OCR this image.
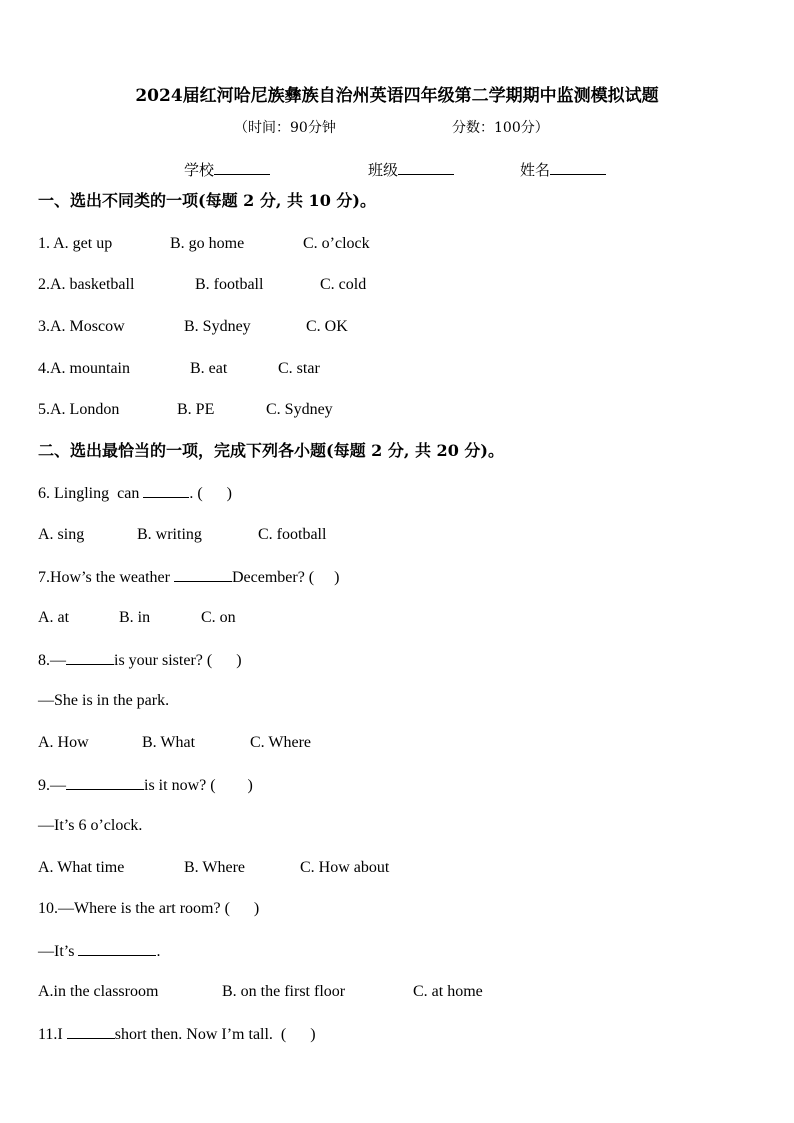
2024届红河哈尼族彝族自治州英语四年级第二学期期中监测模拟试题
（时间：90分钟	分数：100分）
学校	班级	姓名
一、选出不同类的一项(每题 2 分, 共 10 分)。
1. A. get up	B. go home	C. o’clock
2.A. basketball	B. football	C. cold
3.A. Moscow	B. Sydney	C. OK
4.A. mountain	B. eat	C. star
5.A. London	B. PE	C. Sydney
二、选出最恰当的一项，完成下列各小题(每题 2 分, 共 20 分)。
6. Lingling  can	. (      )
A. sing	B. writing	C. football
7.How’s the weather	December? (     )
A. at	B. in	C. on
8.—	is your sister? (      )
—She is in the park.
A. How	B. What	C. Where
9.—	is it now? (        )
—It’s 6 o’clock.
A. What time	B. Where	C. How about
10.—Where is the art room? (      )
—It’s	.
A.in the classroom	B. on the first floor	C. at home
11.I	short then. Now I’m tall.  (      )
